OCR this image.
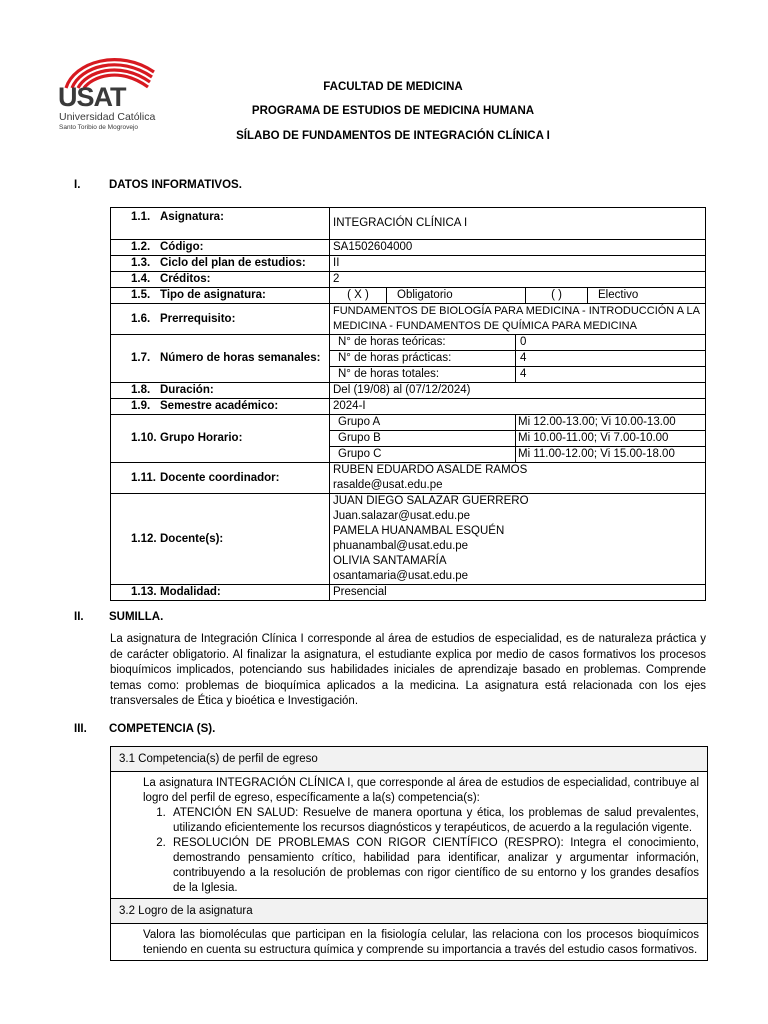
USAT
Universidad Católica
Santo Toribio de Mogrovejo
FACULTAD DE MEDICINA
PROGRAMA DE ESTUDIOS DE MEDICINA HUMANA
SÍLABO DE FUNDAMENTOS DE INTEGRACIÓN CLÍNICA I
I. DATOS INFORMATIVOS.
1.1. Asignatura:	INTEGRACIÓN CLÍNICA I
1.2. Código:	SA1502604000
1.3. Ciclo del plan de estudios:	II
1.4. Créditos:	2
1.5. Tipo de asignatura:		( X )	Obligatorio	( )	Electivo

1.6. Prerrequisito:	FUNDAMENTOS DE BIOLOGÍA PARA MEDICINA - INTRODUCCIÓN A LA MEDICINA - FUNDAMENTOS DE QUÍMICA PARA MEDICINA
1.7. Número de horas semanales:	
N° de horas teóricas:	0
N° de horas prácticas:	4
N° de horas totales:	4

1.8. Duración:	Del (19/08) al (07/12/2024)
1.9. Semestre académico:	2024-I
1.10. Grupo Horario:	
Grupo A	Mi 12.00-13.00; Vi 10.00-13.00
Grupo B	Mi 10.00-11.00; Vi 7.00-10.00
Grupo C	Mi 11.00-12.00; Vi 15.00-18.00

1.11. Docente coordinador:	
RUBEN EDUARDO ASALDE RAMOS
rasalde@usat.edu.pe

1.12. Docente(s):	
JUAN DIEGO SALAZAR GUERRERO
Juan.salazar@usat.edu.pe
PAMELA HUANAMBAL ESQUÉN
phuanambal@usat.edu.pe
OLIVIA SANTAMARÍA
osantamaria@usat.edu.pe

1.13. Modalidad:	Presencial
II. SUMILLA.
La asignatura de Integración Clínica I corresponde al área de estudios de especialidad, es de naturaleza práctica y de carácter obligatorio. Al finalizar la asignatura, el estudiante explica por medio de casos formativos los procesos bioquímicos implicados, potenciando sus habilidades iniciales de aprendizaje basado en problemas. Comprende temas como: problemas de bioquímica aplicados a la medicina. La asignatura está relacionada con los ejes transversales de Ética y bioética e Investigación.
III. COMPETENCIA (S).
3.1 Competencia(s) de perfil de egreso
La asignatura INTEGRACIÓN CLÍNICA I, que corresponde al área de estudios de especialidad, contribuye al logro del perfil de egreso, específicamente a la(s) competencia(s):
1. ATENCIÓN EN SALUD: Resuelve de manera oportuna y ética, los problemas de salud prevalentes, utilizando eficientemente los recursos diagnósticos y terapéuticos, de acuerdo a la regulación vigente.
2. RESOLUCIÓN DE PROBLEMAS CON RIGOR CIENTÍFICO (RESPRO): Integra el conocimiento, demostrando pensamiento crítico, habilidad para identificar, analizar y argumentar información, contribuyendo a la resolución de problemas con rigor científico de su entorno y los grandes desafíos de la Iglesia.
3.2 Logro de la asignatura
Valora las biomoléculas que participan en la fisiología celular, las relaciona con los procesos bioquímicos teniendo en cuenta su estructura química y comprende su importancia a través del estudio casos formativos.
